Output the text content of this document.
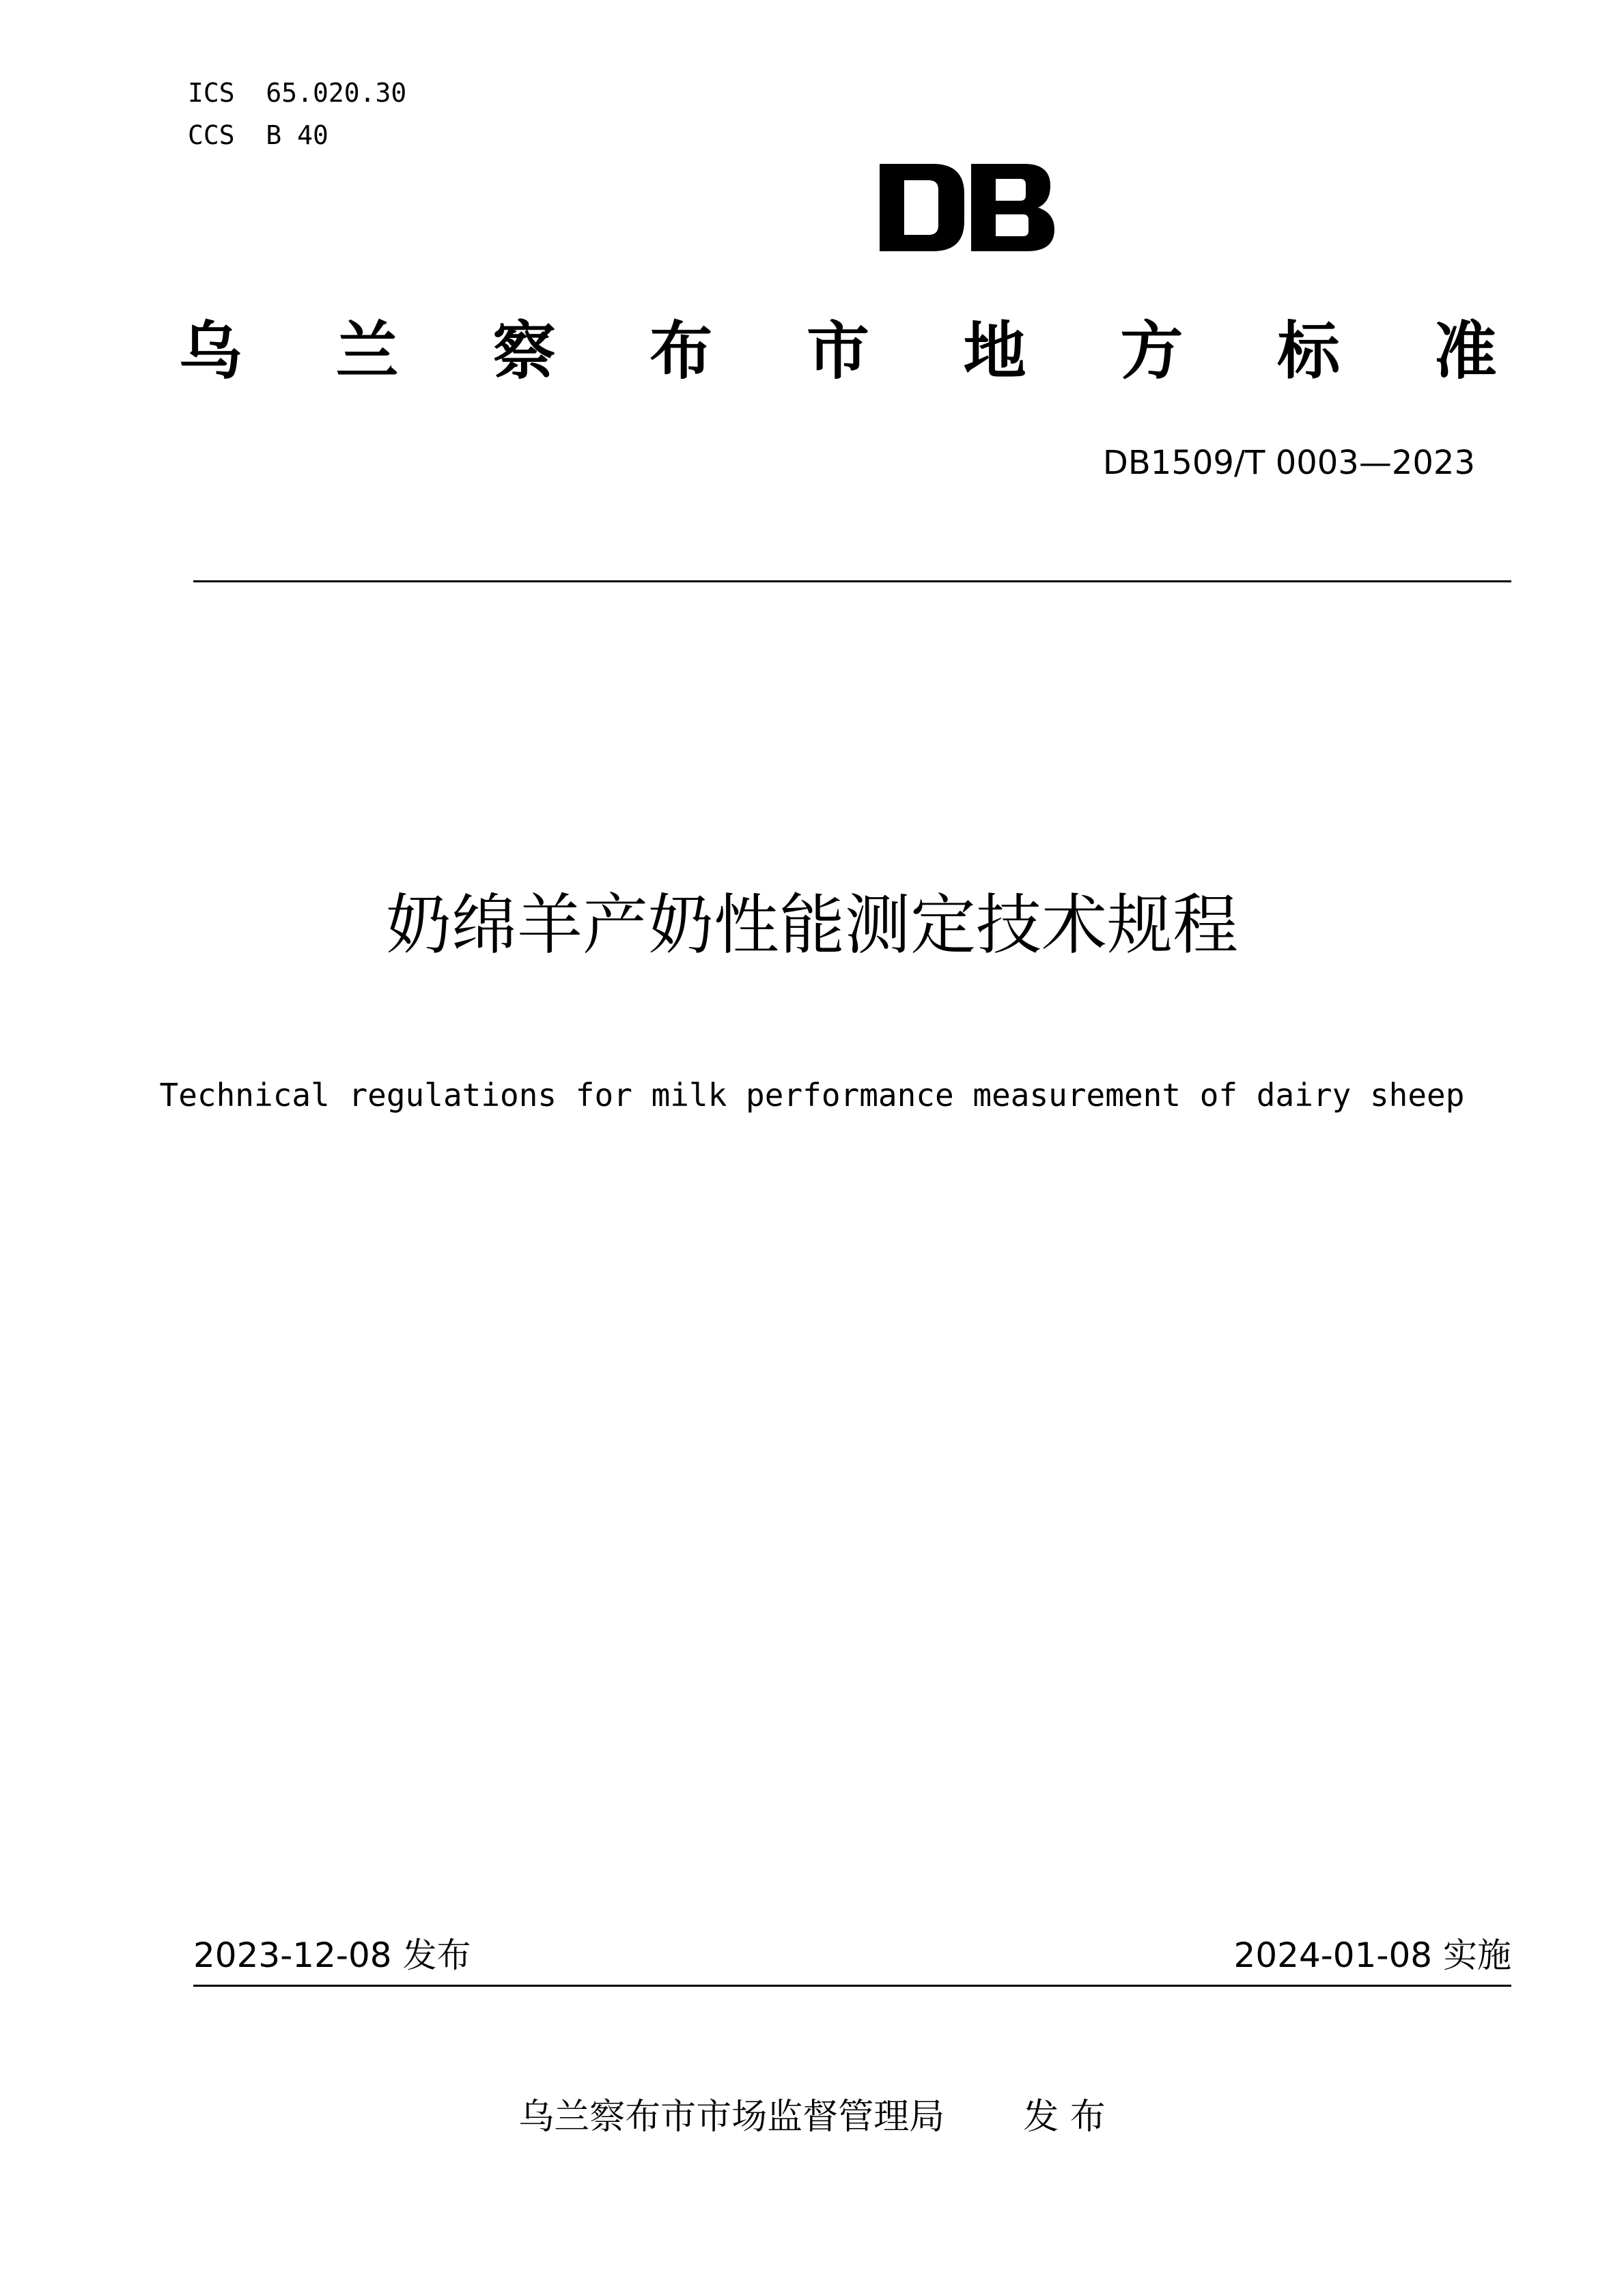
ICS 65.020.30
CCS B 40
乌 兰 察 布 市 地 方 标 准
DB1509/T 0003—2023
奶绵羊产奶性能测定技术规程
Technical regulations for milk performance measurement of dairy sheep
2023-12-08 发布	2024-01-08 实施
乌兰察布市市场监督管理局 发 布
